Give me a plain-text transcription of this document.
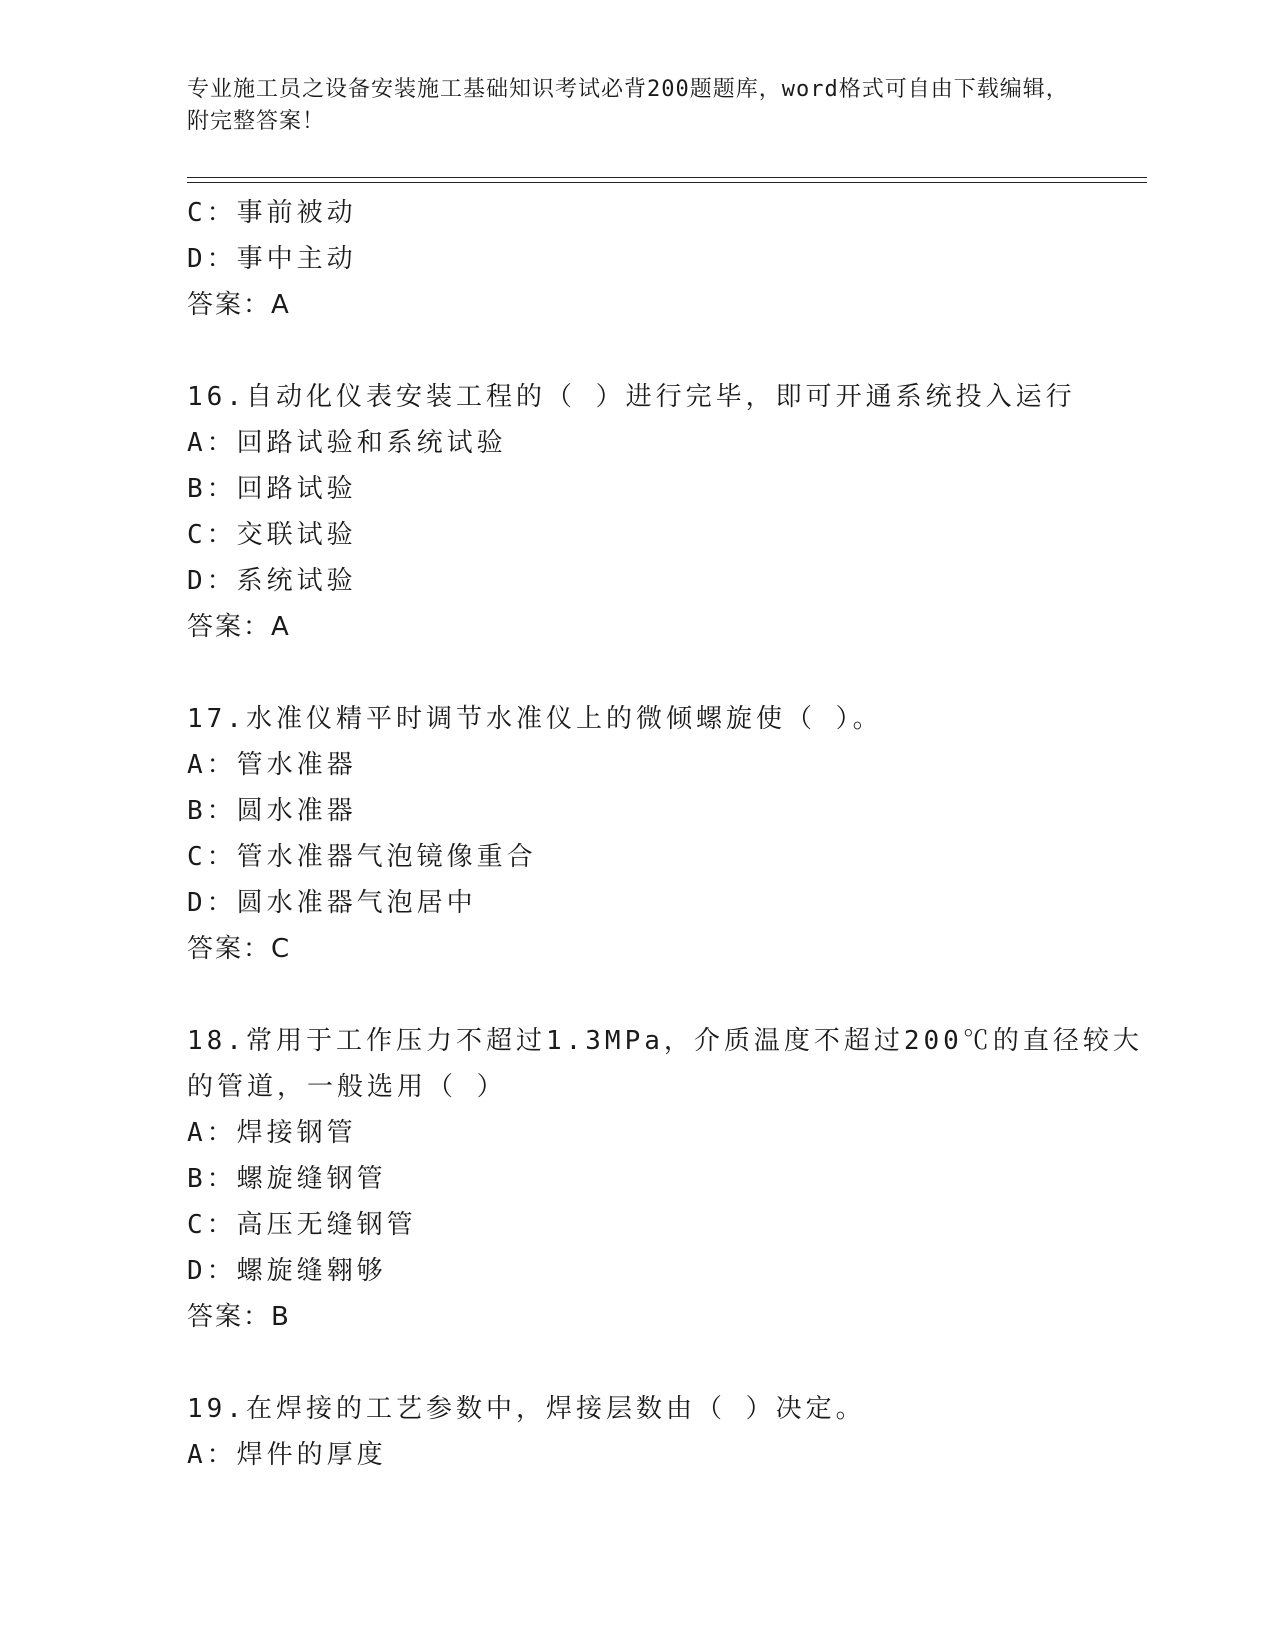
专业施工员之设备安装施工基础知识考试必背200题题库，word格式可自由下载编辑，附完整答案！
C：事前被动
D：事中主动
答案：A
16.自动化仪表安装工程的（ ）进行完毕，即可开通系统投入运行
A：回路试验和系统试验
B：回路试验
C：交联试验
D：系统试验
答案：A
17.水准仪精平时调节水准仪上的微倾螺旋使（ ）。
A：管水准器
B：圆水准器
C：管水准器气泡镜像重合
D：圆水准器气泡居中
答案：C
18.常用于工作压力不超过1.3MPa，介质温度不超过200℃的直径较大的管道，一般选用（ ）
A：焊接钢管
B：螺旋缝钢管
C：高压无缝钢管
D：螺旋缝翱够
答案：B
19.在焊接的工艺参数中，焊接层数由（ ）决定。
A：焊件的厚度
